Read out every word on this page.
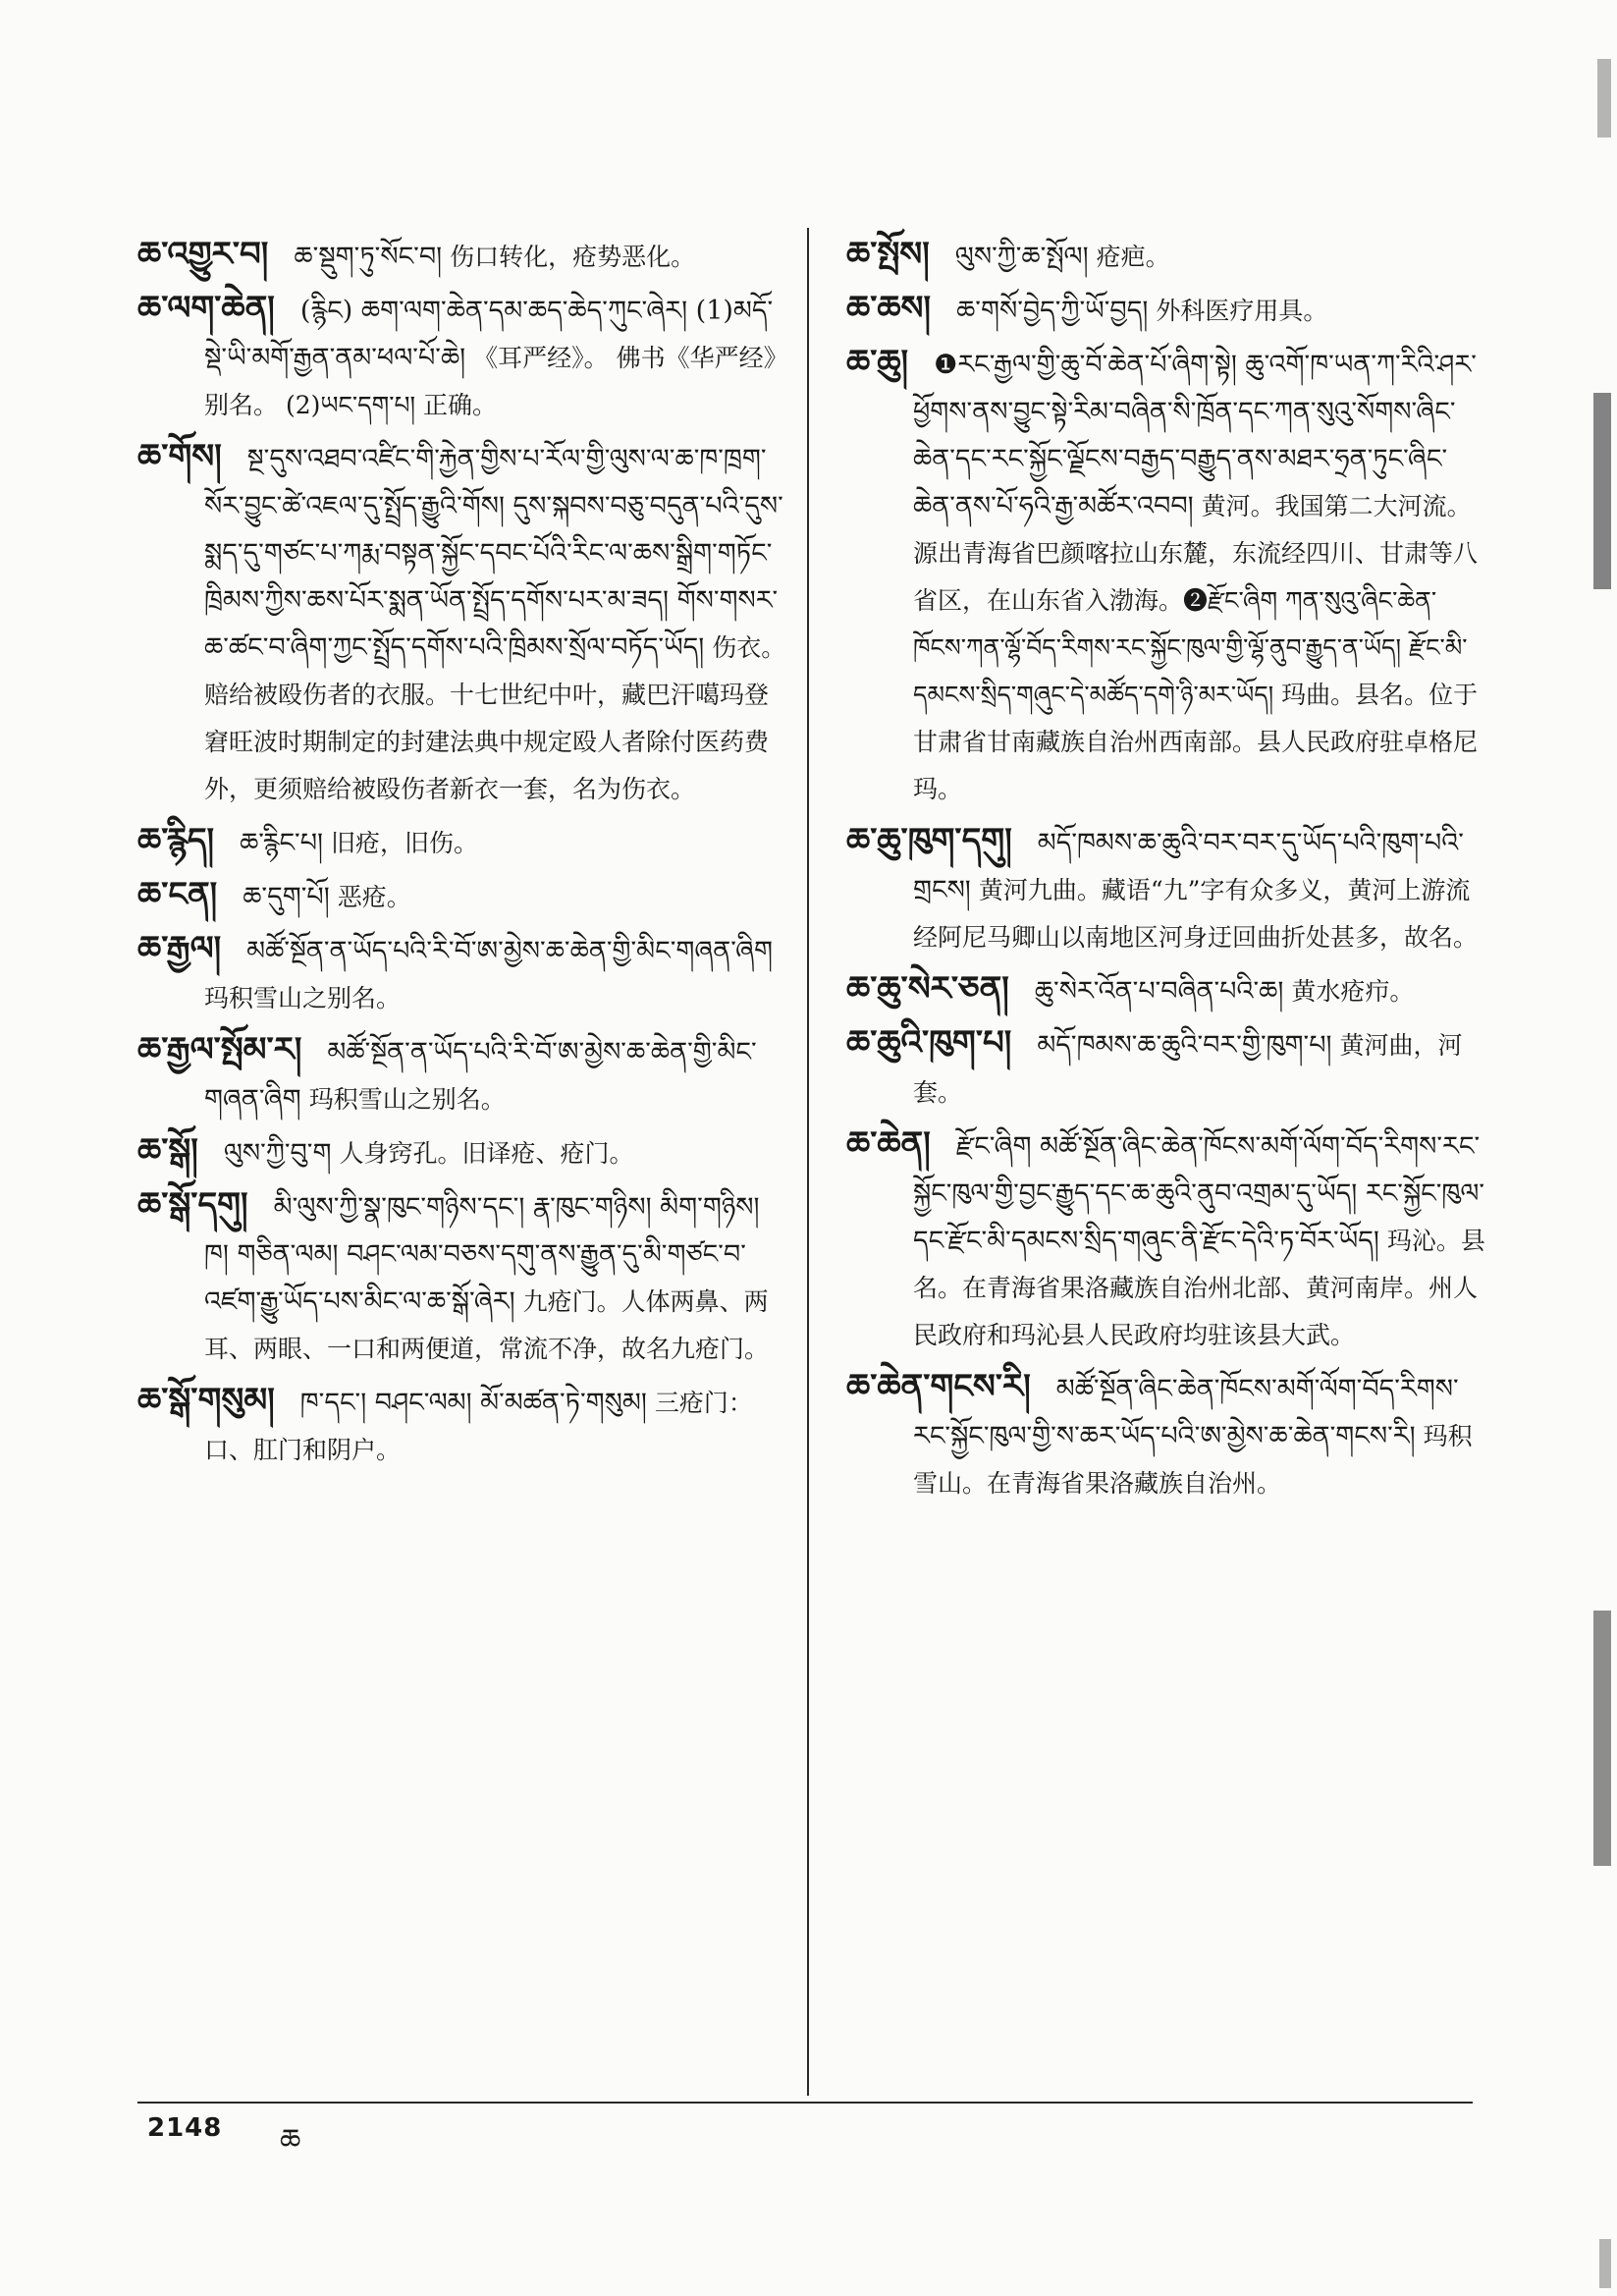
ཆ་འགྱུར་བ། ཆ་སྡུག་ཏུ་སོང་བ། 伤口转化，疮势恶化。

ཆ་ལག་ཆེན། (རྙིང) ཆག་ལག་ཆེན་དམ་ཆད་ཆེད་ཀུང་ཞེར། (1)མདོ་སྡེ་ཡི་མགོ་རྒྱན་ནམ་ཕལ་པོ་ཆེ། 《耳严经》。 佛书《华严经》别名。 (2)ཡང་དག་པ། 正确。

ཆ་གོས། སྔ་དུས་འཐབ་འཛིང་གི་རྐྱེན་གྱིས་པ་རོལ་གྱི་ལུས་ལ་ཆ་ཁ་ཁྲག་སོར་བྱུང་ཚེ་འཇལ་དུ་སྤྲོད་རྒྱུའི་གོས། དུས་སྐབས་བཅུ་བདུན་པའི་དུས་སྨད་དུ་གཙང་པ་ཀརྨ་བསྟན་སྐྱོང་དབང་པོའི་རིང་ལ་ཆས་སྒྲིག་གཏོང་ཁྲིམས་ཀྱིས་ཆས་པོར་སྨན་ཡོན་སྤྲོད་དགོས་པར་མ་ཟད། གོས་གསར་ཆ་ཚང་བ་ཞིག་ཀྱང་སྤྲོད་དགོས་པའི་ཁྲིམས་སྲོལ་བཏོད་ཡོད། 伤衣。赔给被殴伤者的衣服。十七世纪中叶，藏巴汗噶玛登窘旺波时期制定的封建法典中规定殴人者除付医药费外，更须赔给被殴伤者新衣一套，名为伤衣。

ཆ་རྙིད། ཆ་རྙིང་པ། 旧疮，旧伤。

ཆ་ངན། ཆ་དུག་པོ། 恶疮。

ཆ་རྒྱལ། མཚོ་སྔོན་ན་ཡོད་པའི་རི་བོ་ཨ་མྱེས་ཆ་ཆེན་གྱི་མིང་གཞན་ཞིག玛积雪山之别名。

ཆ་རྒྱལ་སྤོམ་ར། མཚོ་སྔོན་ན་ཡོད་པའི་རི་བོ་ཨ་མྱེས་ཆ་ཆེན་གྱི་མིང་གཞན་ཞིག 玛积雪山之别名。

ཆ་སྒོ། ལུས་ཀྱི་བུ་ག 人身窍孔。旧译疮、疮门。

ཆ་སྒོ་དགུ། མི་ལུས་ཀྱི་སྣ་ཁུང་གཉིས་དང་། རྣ་ཁུང་གཉིས། མིག་གཉིས། ཁ། གཅིན་ལམ། བཤང་ལམ་བཅས་དགུ་ནས་རྒྱུན་དུ་མི་གཙང་བ་འཛག་རྒྱུ་ཡོད་པས་མིང་ལ་ཆ་སྒོ་ཞེར། 九疮门。人体两鼻、两耳、两眼、一口和两便道，常流不净，故名九疮门。

ཆ་སྒོ་གསུམ། ཁ་དང་། བཤང་ལམ། མོ་མཚན་ཏེ་གསུམ། 三疮门：口、肛门和阴户。

ཆ་སྤོས། ལུས་ཀྱི་ཆ་སྤོལ། 疮疤。

ཆ་ཆས། ཆ་གསོ་བྱེད་ཀྱི་ཡོ་བྱད། 外科医疗用具。

ཆ་ཆུ། ❶རང་རྒྱལ་གྱི་ཆུ་བོ་ཆེན་པོ་ཞིག་སྟེ། ཆུ་འགོ་ཁ་ཡན་ཀ་རིའི་ཤར་ཕྱོགས་ནས་བྱུང་སྟེ་རིམ་བཞིན་སི་ཁྲོན་དང་ཀན་སུའུ་སོགས་ཞིང་ཆེན་དང་རང་སྐྱོང་ལྗོངས་བརྒྱད་བརྒྱུད་ནས་མཐར་ཧྲན་ཏུང་ཞིང་ཆེན་ནས་པོ་ཧའི་རྒྱ་མཚོར་འབབ། 黄河。我国第二大河流。源出青海省巴颜喀拉山东麓，东流经四川、甘肃等八省区，在山东省入渤海。❷རྫོང་ཞིག ཀན་སུའུ་ཞིང་ཆེན་ཁོངས་ཀན་ལྷོ་བོད་རིགས་རང་སྐྱོང་ཁུལ་གྱི་ལྷོ་ནུབ་རྒྱུད་ན་ཡོད། རྫོང་མི་དམངས་སྲིད་གཞུང་དེ་མཚོད་དགེ་ཉི་མར་ཡོད། 玛曲。县名。位于甘肃省甘南藏族自治州西南部。县人民政府驻卓格尼玛。

ཆ་ཆུ་ཁུག་དགུ། མདོ་ཁམས་ཆ་ཆུའི་བར་བར་དུ་ཡོད་པའི་ཁུག་པའི་གྲངས། 黄河九曲。藏语“九”字有众多义，黄河上游流经阿尼马卿山以南地区河身迂回曲折处甚多，故名。

ཆ་ཆུ་སེར་ཅན། ཆུ་སེར་འོན་པ་བཞིན་པའི་ཆ། 黄水疮疖。

ཆ་ཆུའི་ཁུག་པ། མདོ་ཁམས་ཆ་ཆུའི་བར་གྱི་ཁུག་པ། 黄河曲，河套。

ཆ་ཆེན། རྫོང་ཞིག མཚོ་སྔོན་ཞིང་ཆེན་ཁོངས་མགོ་ལོག་བོད་རིགས་རང་སྐྱོང་ཁུལ་གྱི་བྱང་རྒྱུད་དང་ཆ་ཆུའི་ནུབ་འགྲམ་དུ་ཡོད། རང་སྐྱོང་ཁུལ་དང་རྫོང་མི་དམངས་སྲིད་གཞུང་ནི་རྫོང་དེའི་ཏ་བོར་ཡོད། 玛沁。县名。在青海省果洛藏族自治州北部、黄河南岸。州人民政府和玛沁县人民政府均驻该县大武。

ཆ་ཆེན་གངས་རི། མཚོ་སྔོན་ཞིང་ཆེན་ཁོངས་མགོ་ལོག་བོད་རིགས་རང་སྐྱོང་ཁུལ་གྱི་ས་ཆར་ཡོད་པའི་ཨ་མྱེས་ཆ་ཆེན་གངས་རི། 玛积雪山。在青海省果洛藏族自治州。

2148 ཆ
